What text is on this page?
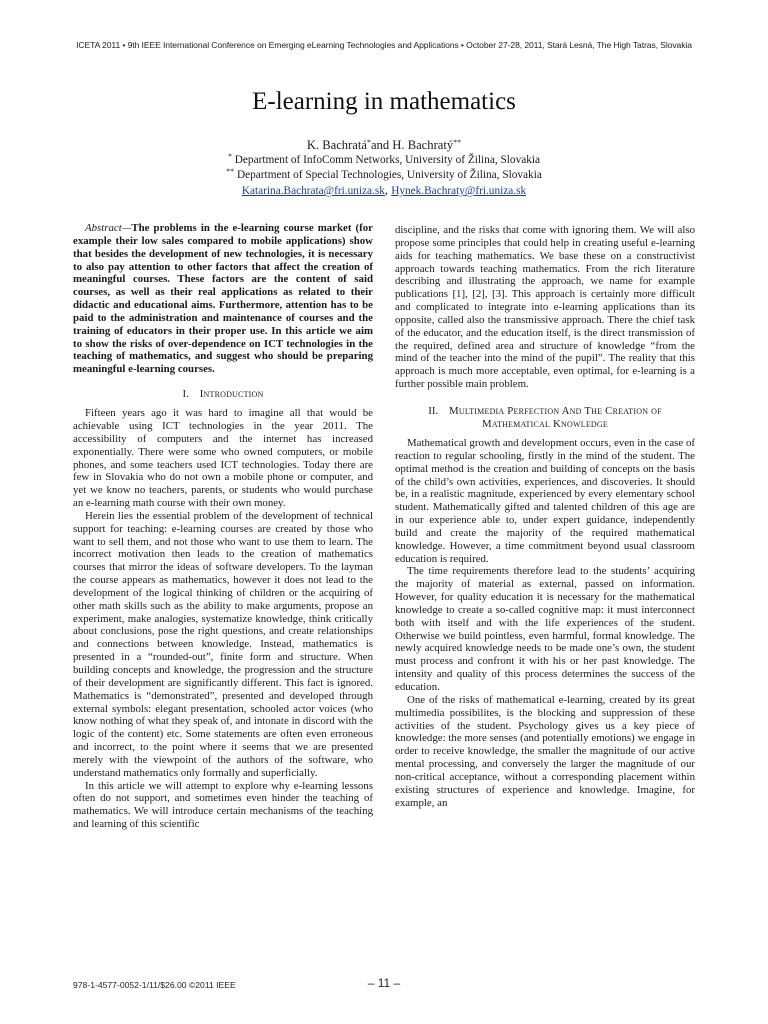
ICETA 2011 • 9th IEEE International Conference on Emerging eLearning Technologies and Applications • October 27-28, 2011, Stará Lesná, The High Tatras, Slovakia
E-learning in mathematics
K. Bachratá*and H. Bachratý**
* Department of InfoComm Networks, University of Žilina, Slovakia
** Department of Special Technologies, University of Žilina, Slovakia
Katarina.Bachrata@fri.uniza.sk, Hynek.Bachraty@fri.uniza.sk

Abstract—The problems in the e-learning course market (for example their low sales compared to mobile applications) show that besides the development of new technologies, it is necessary to also pay attention to other factors that affect the creation of meaningful courses. These factors are the content of said courses, as well as their real applications as related to their didactic and educational aims. Furthermore, attention has to be paid to the administration and maintenance of courses and the training of educators in their proper use. In this article we aim to show the risks of over-dependence on ICT technologies in the teaching of mathematics, and suggest who should be preparing meaningful e-learning courses.

I. Introduction

Fifteen years ago it was hard to imagine all that would be achievable using ICT technologies in the year 2011. The accessibility of computers and the internet has increased exponentially. There were some who owned computers, or mobile phones, and some teachers used ICT technologies. Today there are few in Slovakia who do not own a mobile phone or computer, and yet we know no teachers, parents, or students who would purchase an e-learning math course with their own money.

Herein lies the essential problem of the development of technical support for teaching: e-learning courses are created by those who want to sell them, and not those who want to use them to learn. The incorrect motivation then leads to the creation of mathematics courses that mirror the ideas of software developers. To the layman the course appears as mathematics, however it does not lead to the development of the logical thinking of children or the acquiring of other math skills such as the ability to make arguments, propose an experiment, make analogies, systematize knowledge, think critically about conclusions, pose the right questions, and create relationships and connections between knowledge. Instead, mathematics is presented in a “rounded-out”, finite form and structure. When building concepts and knowledge, the progression and the structure of their development are significantly different. This fact is ignored. Mathematics is “demonstrated”, presented and developed through external symbols: elegant presentation, schooled actor voices (who know nothing of what they speak of, and intonate in discord with the logic of the content) etc. Some statements are often even erroneous and incorrect, to the point where it seems that we are presented merely with the viewpoint of the authors of the software, who understand mathematics only formally and superficially.

In this article we will attempt to explore why e-learning lessons often do not support, and sometimes even hinder the teaching of mathematics. We will introduce certain mechanisms of the teaching and learning of this scientific

discipline, and the risks that come with ignoring them. We will also propose some principles that could help in creating useful e-learning aids for teaching mathematics. We base these on a constructivist approach towards teaching mathematics. From the rich literature describing and illustrating the approach, we name for example publications [1], [2], [3]. This approach is certainly more difficult and complicated to integrate into e-learning applications than its opposite, called also the transmissive approach. There the chief task of the educator, and the education itself, is the direct transmission of the required, defined area and structure of knowledge “from the mind of the teacher into the mind of the pupil”. The reality that this approach is much more acceptable, even optimal, for e-learning is a further possible main problem.

II. Multimedia Perfection And The Creation of Mathematical Knowledge

Mathematical growth and development occurs, even in the case of reaction to regular schooling, firstly in the mind of the student. The optimal method is the creation and building of concepts on the basis of the child’s own activities, experiences, and discoveries. It should be, in a realistic magnitude, experienced by every elementary school student. Mathematically gifted and talented children of this age are in our experience able to, under expert guidance, independently build and create the majority of the required mathematical knowledge. However, a time commitment beyond usual classroom education is required.

The time requirements therefore lead to the students’ acquiring the majority of material as external, passed on information. However, for quality education it is necessary for the mathematical knowledge to create a so-called cognitive map: it must interconnect both with itself and with the life experiences of the student. Otherwise we build pointless, even harmful, formal knowledge. The newly acquired knowledge needs to be made one’s own, the student must process and confront it with his or her past knowledge. The intensity and quality of this process determines the success of the education.

One of the risks of mathematical e-learning, created by its great multimedia possibilites, is the blocking and suppression of these activities of the student. Psychology gives us a key piece of knowledge: the more senses (and potentially emotions) we engage in order to receive knowledge, the smaller the magnitude of our active mental processing, and conversely the larger the magnitude of our non-critical acceptance, without a corresponding placement within existing structures of experience and knowledge. Imagine, for example, an

978-1-4577-0052-1/11/$26.00 ©2011 IEEE	– 11 –
